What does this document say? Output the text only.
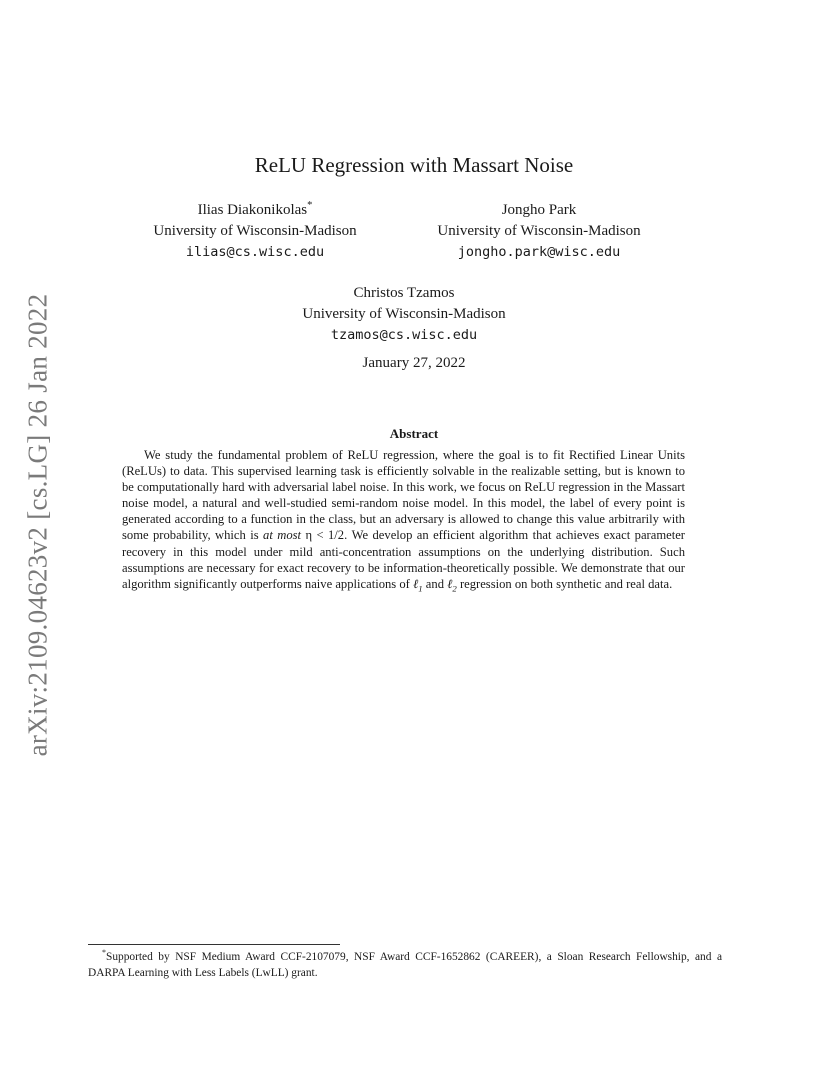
arXiv:2109.04623v2 [cs.LG] 26 Jan 2022
ReLU Regression with Massart Noise
Ilias Diakonikolas*
University of Wisconsin-Madison
ilias@cs.wisc.edu
Jongho Park
University of Wisconsin-Madison
jongho.park@wisc.edu
Christos Tzamos
University of Wisconsin-Madison
tzamos@cs.wisc.edu
January 27, 2022
Abstract
We study the fundamental problem of ReLU regression, where the goal is to fit Rectified Linear Units (ReLUs) to data. This supervised learning task is efficiently solvable in the realizable setting, but is known to be computationally hard with adversarial label noise. In this work, we focus on ReLU regression in the Massart noise model, a natural and well-studied semi-random noise model. In this model, the label of every point is generated according to a function in the class, but an adversary is allowed to change this value arbitrarily with some probability, which is at most η < 1/2. We develop an efficient algorithm that achieves exact parameter recovery in this model under mild anti-concentration assumptions on the underlying distribution. Such assumptions are necessary for exact recovery to be information-theoretically possible. We demonstrate that our algorithm significantly outperforms naive applications of ℓ$_1$ and ℓ$_2$ regression on both synthetic and real data.
*Supported by NSF Medium Award CCF-2107079, NSF Award CCF-1652862 (CAREER), a Sloan Research Fellowship, and a DARPA Learning with Less Labels (LwLL) grant.
